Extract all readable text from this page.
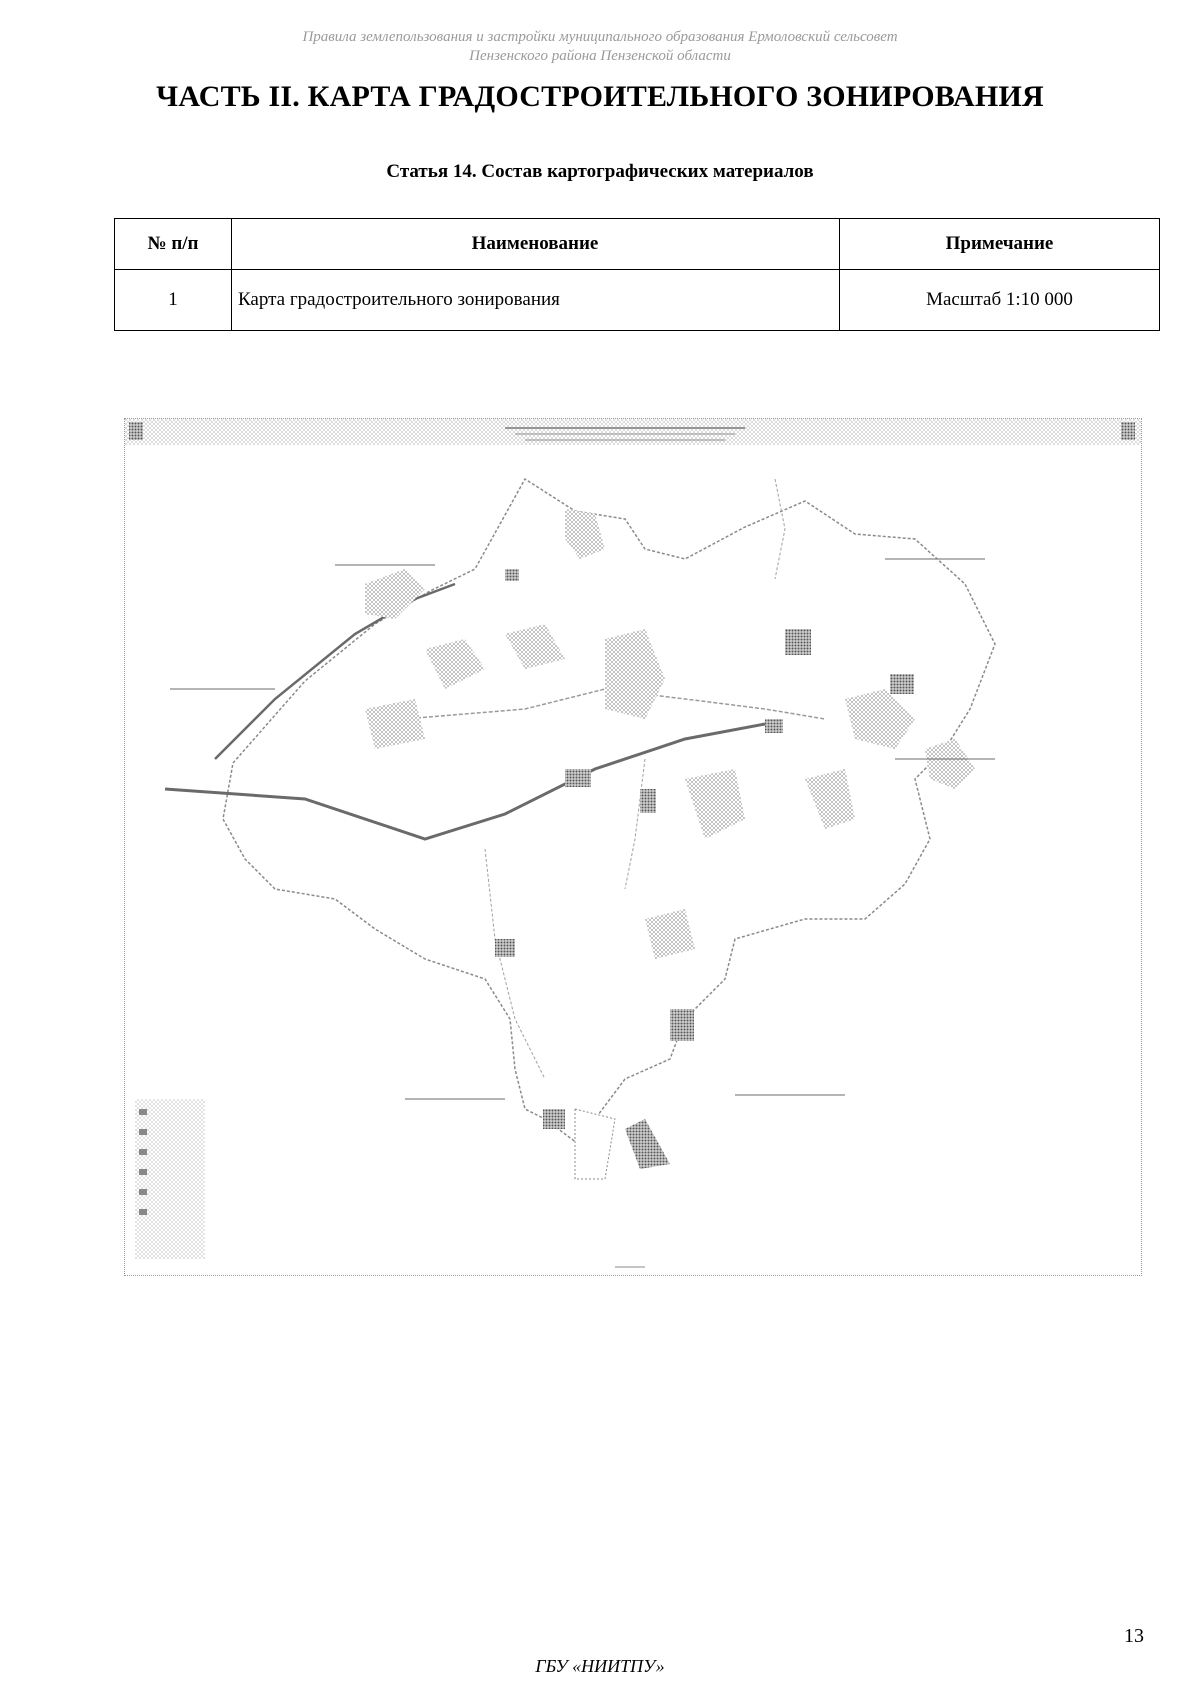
Правила землепользования и застройки муниципального образования Ермоловский сельсовет
Пензенского района Пензенской области
ЧАСТЬ II. КАРТА ГРАДОСТРОИТЕЛЬНОГО ЗОНИРОВАНИЯ
Статья 14. Состав картографических материалов
№ п/п	Наименование	Примечание
1	Карта градостроительного зонирования	Масштаб 1:10 000
13
ГБУ «НИИТПУ»
